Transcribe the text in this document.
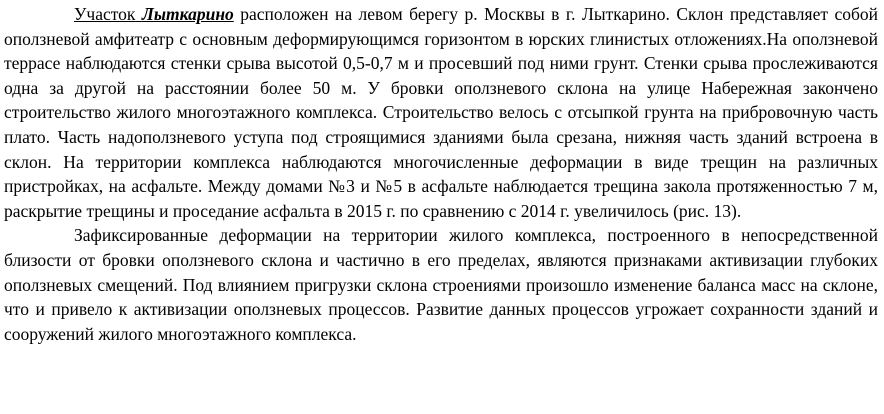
Участок Лыткарино расположен на левом берегу р. Москвы в г. Лыткарино. Склон представляет собой оползневой амфитеатр с основным деформирующимся горизонтом в юрских глинистых отложениях.На оползневой террасе наблюдаются стенки срыва высотой 0,5-0,7 м и просевший под ними грунт. Стенки срыва прослеживаются одна за другой на расстоянии более 50 м. У бровки оползневого склона на улице Набережная закончено строительство жилого многоэтажного комплекса. Строительство велось с отсыпкой грунта на прибровочную часть плато. Часть надоползневого уступа под строящимися зданиями была срезана, нижняя часть зданий встроена в склон. На территории комплекса наблюдаются многочисленные деформации в виде трещин на различных пристройках, на асфальте. Между домами №3 и №5 в асфальте наблюдается трещина закола протяженностью 7 м, раскрытие трещины и проседание асфальта в 2015 г. по сравнению с 2014 г. увеличилось (рис. 13).

Зафиксированные деформации на территории жилого комплекса, построенного в непосредственной близости от бровки оползневого склона и частично в его пределах, являются признаками активизации глубоких оползневых смещений. Под влиянием пригрузки склона строениями произошло изменение баланса масс на склоне, что и привело к активизации оползневых процессов. Развитие данных процессов угрожает сохранности зданий и сооружений жилого многоэтажного комплекса.
